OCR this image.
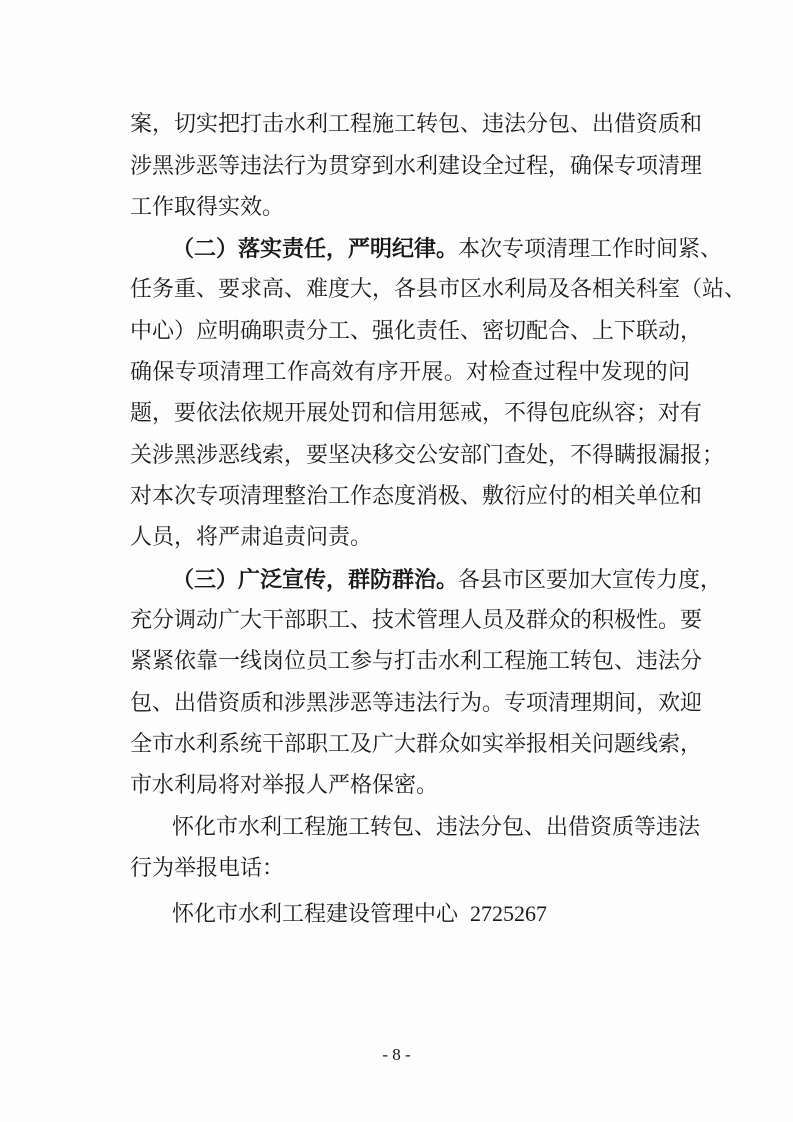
案，切实把打击水利工程施工转包、违法分包、出借资质和
涉黑涉恶等违法行为贯穿到水利建设全过程，确保专项清理
工作取得实效。
（二）落实责任，严明纪律。本次专项清理工作时间紧、
任务重、要求高、难度大，各县市区水利局及各相关科室（站、
中心）应明确职责分工、强化责任、密切配合、上下联动，
确保专项清理工作高效有序开展。对检查过程中发现的问
题，要依法依规开展处罚和信用惩戒，不得包庇纵容；对有
关涉黑涉恶线索，要坚决移交公安部门查处，不得瞒报漏报；
对本次专项清理整治工作态度消极、敷衍应付的相关单位和
人员，将严肃追责问责。
（三）广泛宣传，群防群治。各县市区要加大宣传力度，
充分调动广大干部职工、技术管理人员及群众的积极性。要
紧紧依靠一线岗位员工参与打击水利工程施工转包、违法分
包、出借资质和涉黑涉恶等违法行为。专项清理期间，欢迎
全市水利系统干部职工及广大群众如实举报相关问题线索，
市水利局将对举报人严格保密。
怀化市水利工程施工转包、违法分包、出借资质等违法
行为举报电话：
怀化市水利工程建设管理中心 2725267
- 8 -
